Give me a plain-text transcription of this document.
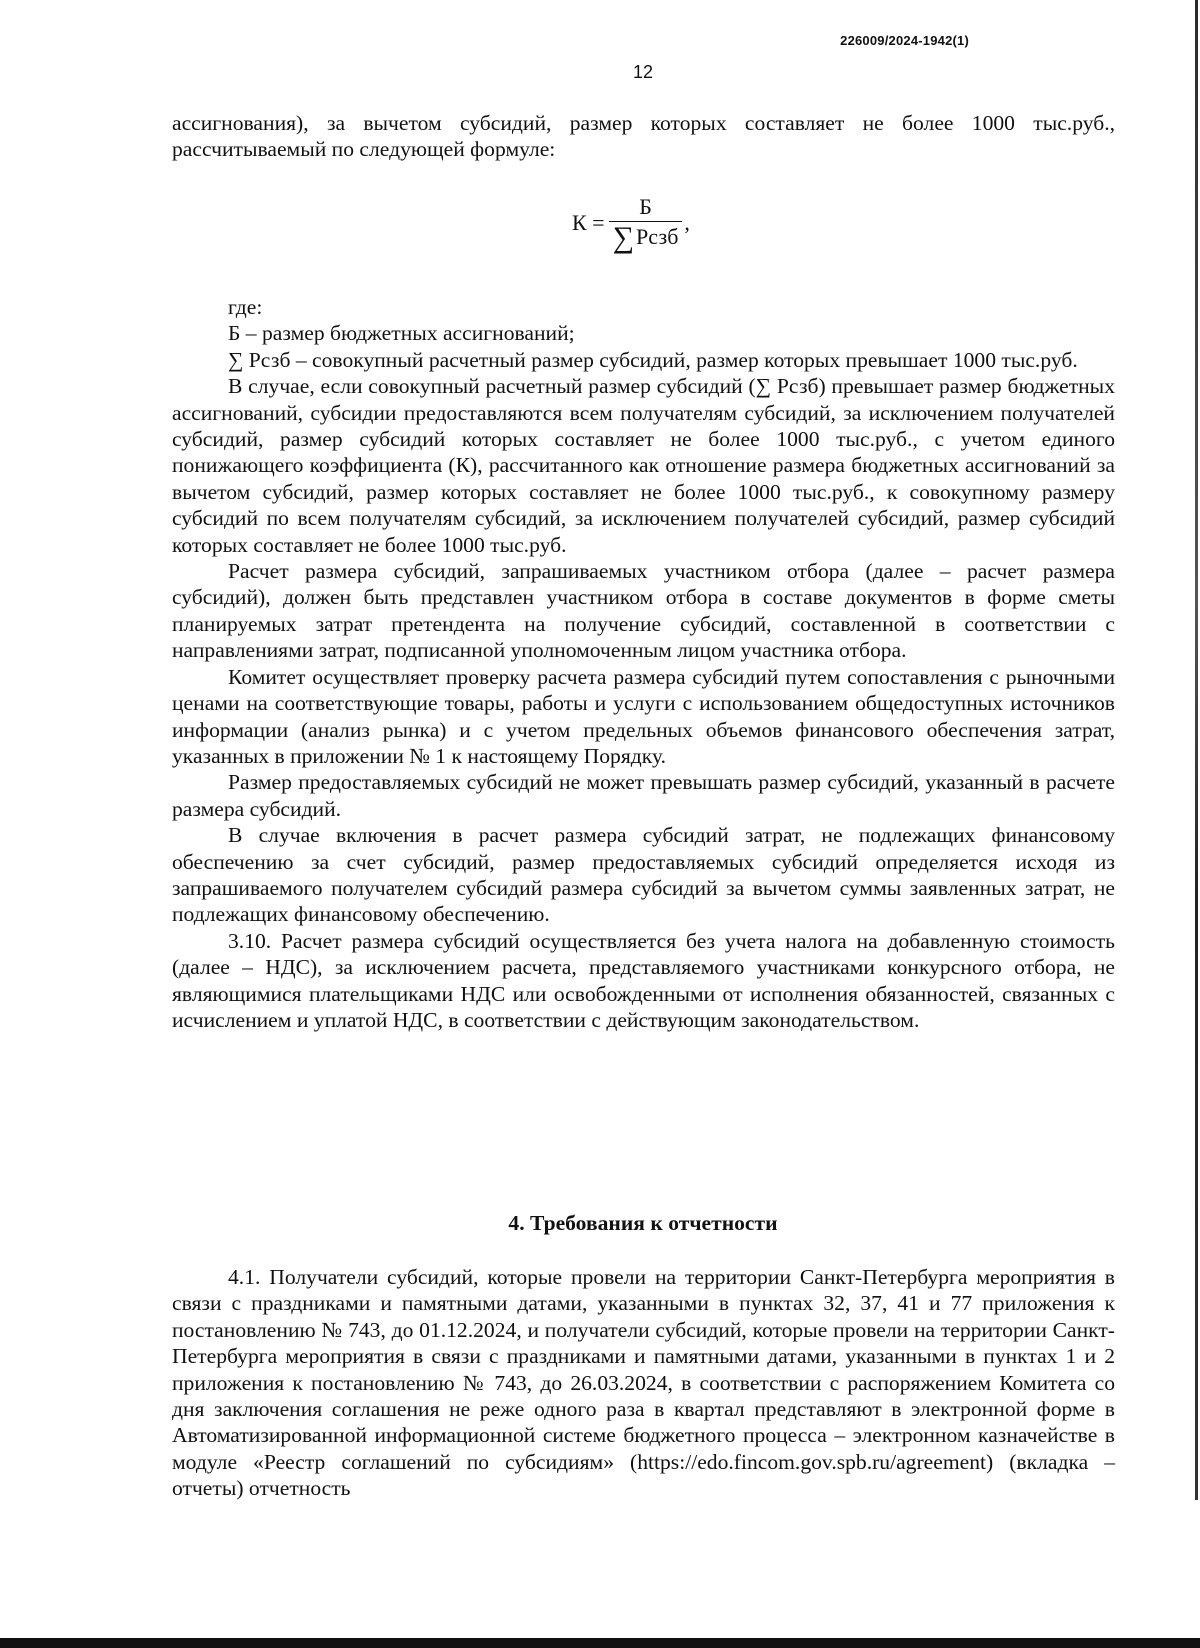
226009/2024-1942(1)
12

ассигнования), за вычетом субсидий, размер которых составляет не более 1000 тыс.руб., рассчитываемый по следующей формуле:

$К = \frac{Б}{\text{∑Рсзб}}$ ,

где:

Б – размер бюджетных ассигнований;

∑ Рсзб – совокупный расчетный размер субсидий, размер которых превышает 1000 тыс.руб.

В случае, если совокупный расчетный размер субсидий (∑ Рсзб) превышает размер бюджетных ассигнований, субсидии предоставляются всем получателям субсидий, за исключением получателей субсидий, размер субсидий которых составляет не более 1000 тыс.руб., с учетом единого понижающего коэффициента (К), рассчитанного как отношение размера бюджетных ассигнований за вычетом субсидий, размер которых составляет не более 1000 тыс.руб., к совокупному размеру субсидий по всем получателям субсидий, за исключением получателей субсидий, размер субсидий которых составляет не более 1000 тыс.руб.

Расчет размера субсидий, запрашиваемых участником отбора (далее – расчет размера субсидий), должен быть представлен участником отбора в составе документов в форме сметы планируемых затрат претендента на получение субсидий, составленной в соответствии с направлениями затрат, подписанной уполномоченным лицом участника отбора.

Комитет осуществляет проверку расчета размера субсидий путем сопоставления с рыночными ценами на соответствующие товары, работы и услуги с использованием общедоступных источников информации (анализ рынка) и с учетом предельных объемов финансового обеспечения затрат, указанных в приложении № 1 к настоящему Порядку.

Размер предоставляемых субсидий не может превышать размер субсидий, указанный в расчете размера субсидий.

В случае включения в расчет размера субсидий затрат, не подлежащих финансовому обеспечению за счет субсидий, размер предоставляемых субсидий определяется исходя из запрашиваемого получателем субсидий размера субсидий за вычетом суммы заявленных затрат, не подлежащих финансовому обеспечению.

3.10. Расчет размера субсидий осуществляется без учета налога на добавленную стоимость (далее – НДС), за исключением расчета, представляемого участниками конкурсного отбора, не являющимися плательщиками НДС или освобожденными от исполнения обязанностей, связанных с исчислением и уплатой НДС, в соответствии с действующим законодательством.

4. Требования к отчетности

4.1. Получатели субсидий, которые провели на территории Санкт-Петербурга мероприятия в связи с праздниками и памятными датами, указанными в пунктах 32, 37, 41 и 77 приложения к постановлению № 743, до 01.12.2024, и получатели субсидий, которые провели на территории Санкт-Петербурга мероприятия в связи с праздниками и памятными датами, указанными в пунктах 1 и 2 приложения к постановлению № 743, до 26.03.2024, в соответствии с распоряжением Комитета со дня заключения соглашения не реже одного раза в квартал представляют в электронной форме в Автоматизированной информационной системе бюджетного процесса – электронном казначействе в модуле «Реестр соглашений по субсидиям» (https://edo.fincom.gov.spb.ru/agreement) (вкладка – отчеты) отчетность
